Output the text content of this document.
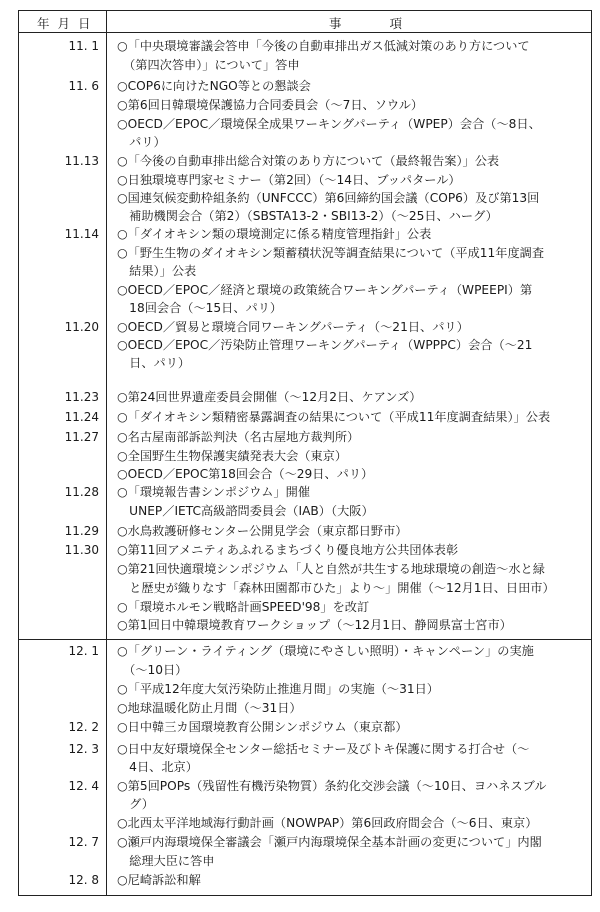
年 月 日	事 項
11. 1
11. 6
11.13
11.14
11.20
11.23
11.24
11.27
11.28
11.29
11.30
12. 1
12. 2
12. 3
12. 4
12. 7
12. 8
○「中央環境審議会答申「今後の自動車排出ガス低減対策のあり方について
　（第四次答申）」について」答申
○COP6に向けたNGO等との懇談会
○第6回日韓環境保護協力合同委員会（〜7日、ソウル）
○OECD／EPOC／環境保全成果ワーキングパーティ（WPEP）会合（〜8日、
　パリ）
○「今後の自動車排出総合対策のあり方について（最終報告案）」公表
○日独環境専門家セミナー（第2回）（〜14日、ブッパタール）
○国連気候変動枠組条約（UNFCCC）第6回締約国会議（COP6）及び第13回
　補助機関会合（第2）（SBSTA13-2・SBI13-2）（〜25日、ハーグ）
○「ダイオキシン類の環境測定に係る精度管理指針」公表
○「野生生物のダイオキシン類蓄積状況等調査結果について（平成11年度調査
　結果）」公表
○OECD／EPOC／経済と環境の政策統合ワーキングパーティ（WPEEPI）第
　18回会合（〜15日、パリ）
○OECD／貿易と環境合同ワーキングパーティ（〜21日、パリ）
○OECD／EPOC／汚染防止管理ワーキングパーティ（WPPPC）会合（〜21
　日、パリ）
○第24回世界遺産委員会開催（〜12月2日、ケアンズ）
○「ダイオキシン類精密暴露調査の結果について（平成11年度調査結果）」公表
○名古屋南部訴訟判決（名古屋地方裁判所）
○全国野生生物保護実績発表大会（東京）
○OECD／EPOC第18回会合（〜29日、パリ）
○「環境報告書シンポジウム」開催
　UNEP／IETC高級諮問委員会（IAB）（大阪）
○水鳥救護研修センター公開見学会（東京都日野市）
○第11回アメニティあふれるまちづくり優良地方公共団体表彰
○第21回快適環境シンポジウム「人と自然が共生する地球環境の創造〜水と緑
　と歴史が織りなす「森林田園都市ひた」より〜」開催（〜12月1日、日田市）
○「環境ホルモン戦略計画SPEED'98」を改訂
○第1回日中韓環境教育ワークショップ（〜12月1日、静岡県富士宮市）
○「グリーン・ライティング（環境にやさしい照明）・キャンペーン」の実施
　（〜10日）
○「平成12年度大気汚染防止推進月間」の実施（〜31日）
○地球温暖化防止月間（〜31日）
○日中韓三カ国環境教育公開シンポジウム（東京都）
○日中友好環境保全センター総括セミナー及びトキ保護に関する打合せ（〜
　4日、北京）
○第5回POPs（残留性有機汚染物質）条約化交渉会議（〜10日、ヨハネスブル
　グ）
○北西太平洋地域海行動計画（NOWPAP）第6回政府間会合（〜6日、東京）
○瀬戸内海環境保全審議会「瀬戸内海環境保全基本計画の変更について」内閣
　総理大臣に答申
○尼崎訴訟和解
